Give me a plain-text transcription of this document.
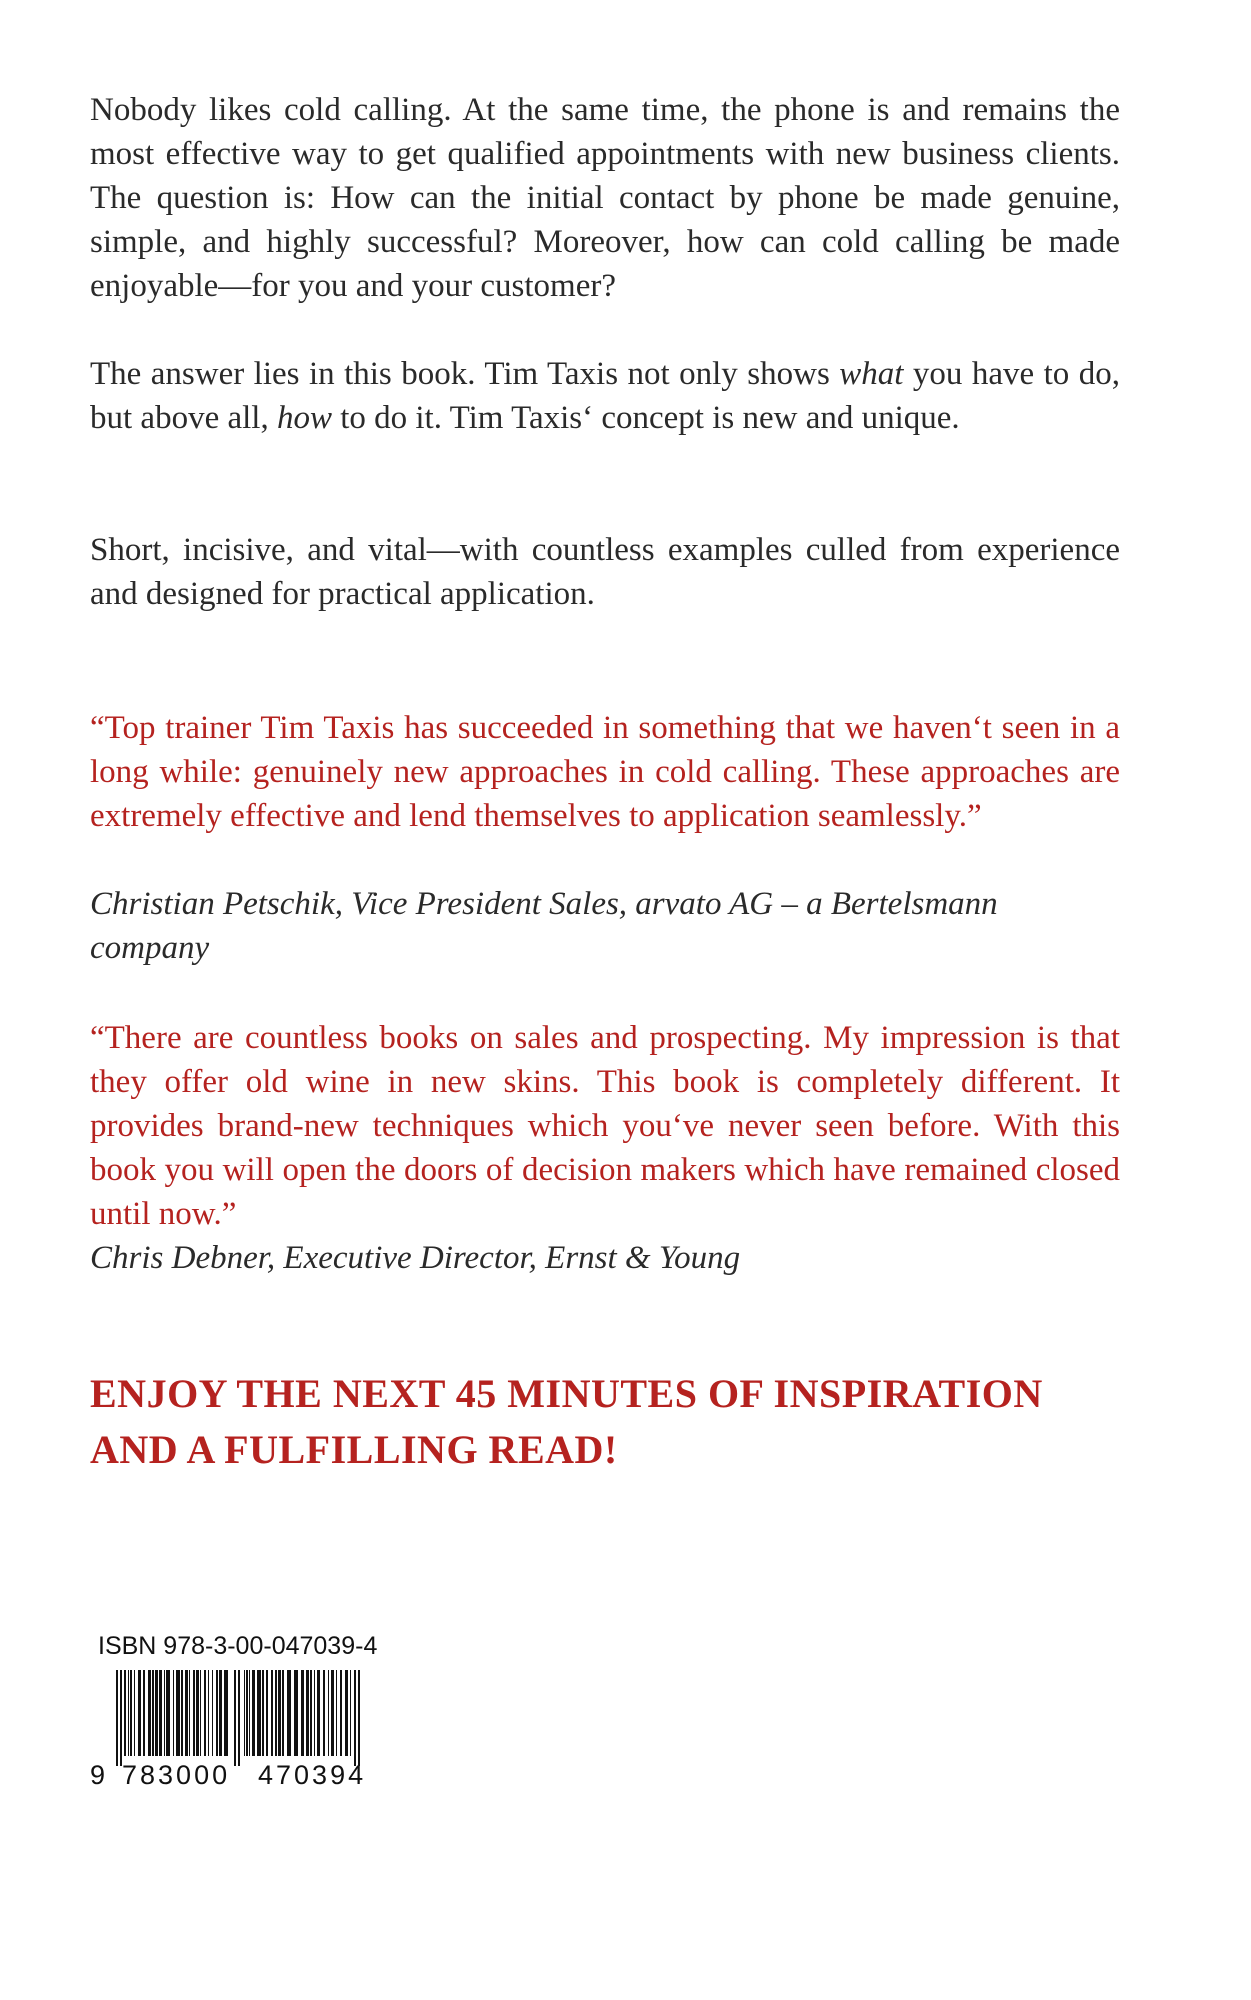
Nobody likes cold calling. At the same time, the phone is and remains the most effective way to get qualified appointments with new business clients. The question is: How can the initial contact by phone be made genuine, simple, and highly successful? Moreover, how can cold calling be made enjoyable—for you and your customer?

The answer lies in this book. Tim Taxis not only shows what you have to do, but above all, how to do it. Tim Taxis‘ concept is new and unique.

Short, incisive, and vital—with countless examples culled from experience and designed for practical application.

“Top trainer Tim Taxis has succeeded in something that we haven‘t seen in a long while: genuinely new approaches in cold calling. These approaches are extremely effective and lend themselves to application seamlessly.”

Christian Petschik, Vice President Sales, arvato AG – a Bertelsmann company

“There are countless books on sales and prospecting. My impression is that they offer old wine in new skins. This book is completely different. It provides brand-new techniques which you‘ve never seen before. With this book you will open the doors of decision makers which have remained closed until now.”

Chris Debner, Executive Director, Ernst & Young

ENJOY THE NEXT 45 MINUTES OF INSPIRATION
AND A FULFILLING READ!

ISBN 978-3-00-047039-4

9 783000 470394
